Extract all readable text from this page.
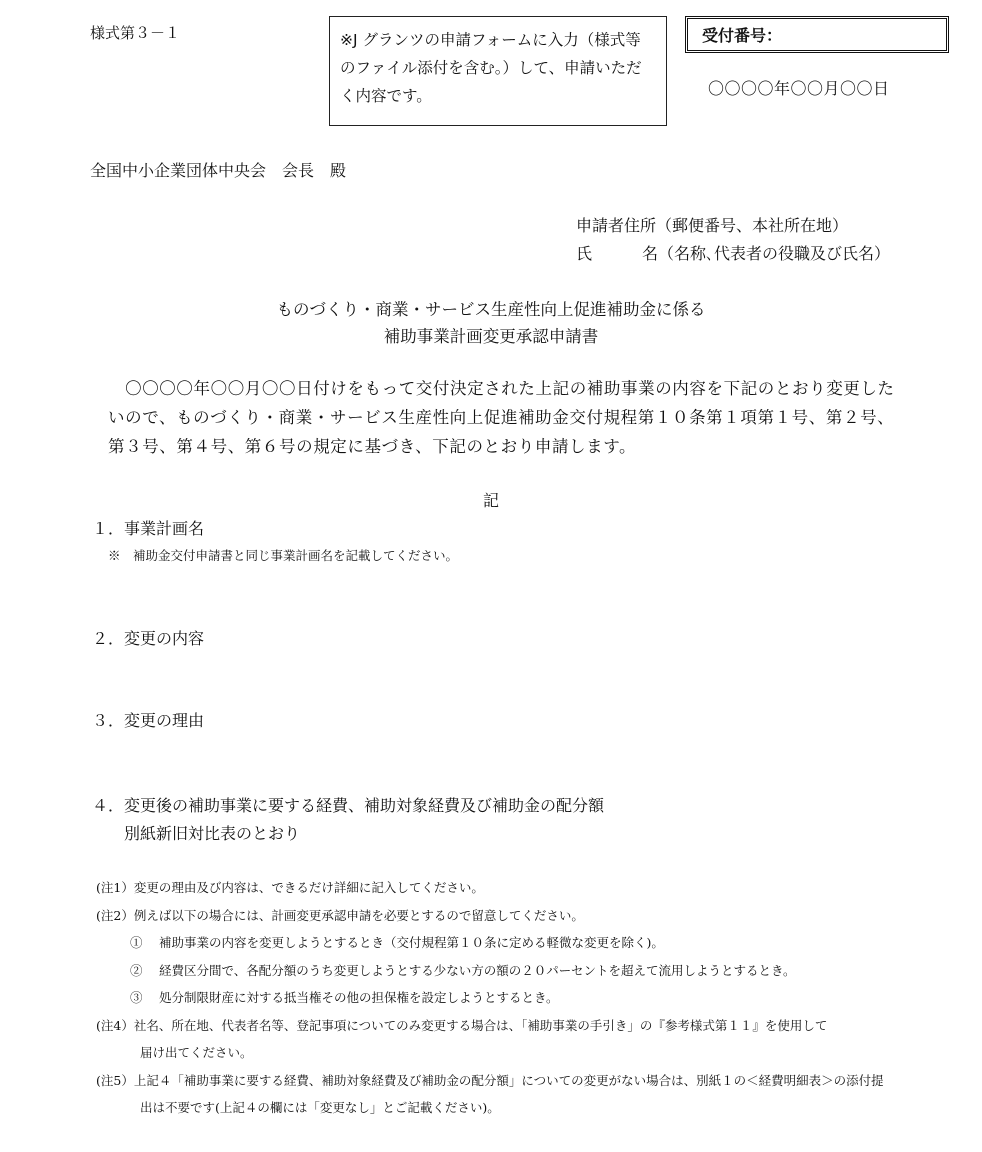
様式第３－１	※J グランツの申請フォームに入力（様式等のファイル添付を含む。）して、申請いただく内容です。
受付番号：
〇〇〇〇年〇〇月〇〇日
全国中小企業団体中央会　会長　殿
申請者住所（郵便番号、本社所在地）
氏	名（名称､代表者の役職及び氏名）
ものづくり・商業・サービス生産性向上促進補助金に係る
補助事業計画変更承認申請書
　〇〇〇〇年〇〇月〇〇日付けをもって交付決定された上記の補助事業の内容を下記のとおり変更したいので、ものづくり・商業・サービス生産性向上促進補助金交付規程第１０条第１項第１号、第２号、第３号、第４号、第６号の規定に基づき、下記のとおり申請します。
記
１．事業計画名
※　補助金交付申請書と同じ事業計画名を記載してください。
２．変更の内容
３．変更の理由
４．変更後の補助事業に要する経費、補助対象経費及び補助金の配分額
別紙新旧対比表のとおり
(注1）変更の理由及び内容は、できるだけ詳細に記入してください。
(注2）例えば以下の場合には、計画変更承認申請を必要とするので留意してください。
①　 補助事業の内容を変更しようとするとき（交付規程第１０条に定める軽微な変更を除く)。
②　 経費区分間で、各配分額のうち変更しようとする少ない方の額の２０パーセントを超えて流用しようとするとき。
③　 処分制限財産に対する抵当権その他の担保権を設定しようとするとき。
(注4）社名、所在地、代表者名等、登記事項についてのみ変更する場合は、「補助事業の手引き」の『参考様式第１１』を使用して
届け出てください。
(注5）上記４「補助事業に要する経費、補助対象経費及び補助金の配分額」についての変更がない場合は、別紙１の＜経費明細表＞の添付提
出は不要です(上記４の欄には「変更なし」とご記載ください)。
